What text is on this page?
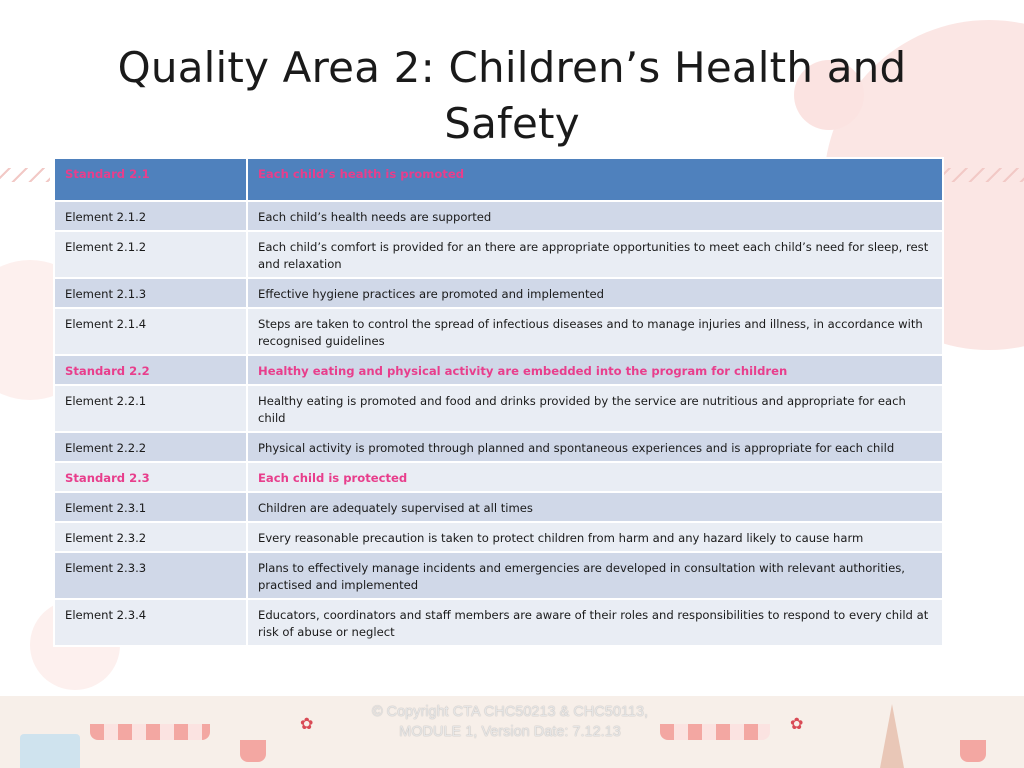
✿	✿
Quality Area 2: Children’s Health and Safety
Standard 2.1	Each child’s health is promoted
Element 2.1.2	Each child’s health needs are supported
Element 2.1.2	Each child’s comfort is provided for an there are appropriate opportunities to meet each child’s need for sleep, rest and relaxation
Element 2.1.3	Effective hygiene practices are promoted and implemented
Element 2.1.4	Steps are taken to control the spread of infectious diseases and to manage injuries and illness, in accordance with recognised guidelines
Standard 2.2	Healthy eating and physical activity are embedded into the program for children
Element 2.2.1	Healthy eating is promoted and food and drinks provided by the service are nutritious and appropriate for each child
Element 2.2.2	Physical activity is promoted through planned and spontaneous experiences and is appropriate for each child
Standard 2.3	Each child is protected
Element 2.3.1	Children are adequately supervised at all times
Element 2.3.2	Every reasonable precaution is taken to protect children from harm and any hazard likely to cause harm
Element 2.3.3	Plans to effectively manage incidents and emergencies are developed in consultation with relevant authorities, practised and implemented
Element 2.3.4	Educators, coordinators and staff members are aware of their roles and responsibilities to respond to every child at risk of abuse or neglect
© Copyright CTA CHC50213 & CHC50113, MODULE 1, Version Date: 7.12.13
